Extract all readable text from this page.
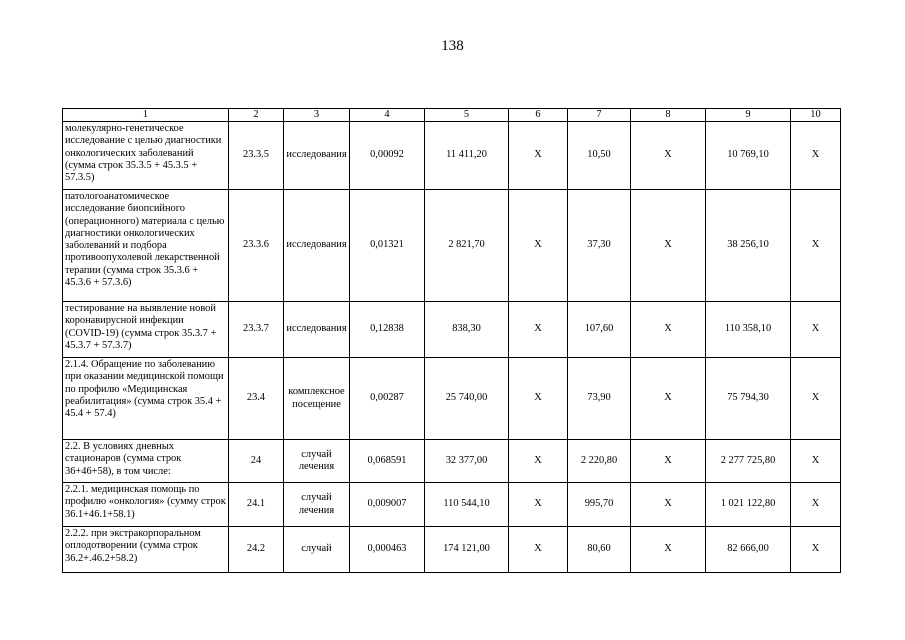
138
1	2	3	4	5	6	7	8	9	10
молекулярно-генетическое исследование с целью диагностики онкологических заболеваний (сумма строк 35.3.5 + 45.3.5 + 57.3.5)	23.3.5	исследования	0,00092	11 411,20	Х	10,50	Х	10 769,10	Х
патологоанатомическое исследование биопсийного (операционного) материала с целью диагностики онкологических заболеваний и подбора противоопухолевой лекарственной терапии (сумма строк 35.3.6 + 45.3.6 + 57.3.6)	23.3.6	исследования	0,01321	2 821,70	Х	37,30	Х	38 256,10	Х
тестирование на выявление новой коронавирусной инфекции (COVID-19) (сумма строк 35.3.7 + 45.3.7 + 57.3.7)	23.3.7	исследования	0,12838	838,30	Х	107,60	Х	110 358,10	Х
2.1.4. Обращение по заболеванию при оказании медицинской помощи по профилю «Медицинская реабилитация» (сумма строк 35.4 + 45.4 + 57.4)	23.4	комплексное посещение	0,00287	25 740,00	Х	73,90	Х	75 794,30	Х
2.2. В условиях дневных стационаров (сумма строк 36+46+58), в том числе:	24	случай лечения	0,068591	32 377,00	Х	2 220,80	Х	2 277 725,80	Х
2.2.1. медицинская помощь по профилю «онкология» (сумму строк 36.1+46.1+58.1)	24.1	случай лечения	0,009007	110 544,10	Х	995,70	Х	1 021 122,80	Х
2.2.2. при экстракорпоральном оплодотворении (сумма строк 36.2+.46.2+58.2)	24.2	случай	0,000463	174 121,00	Х	80,60	Х	82 666,00	Х
